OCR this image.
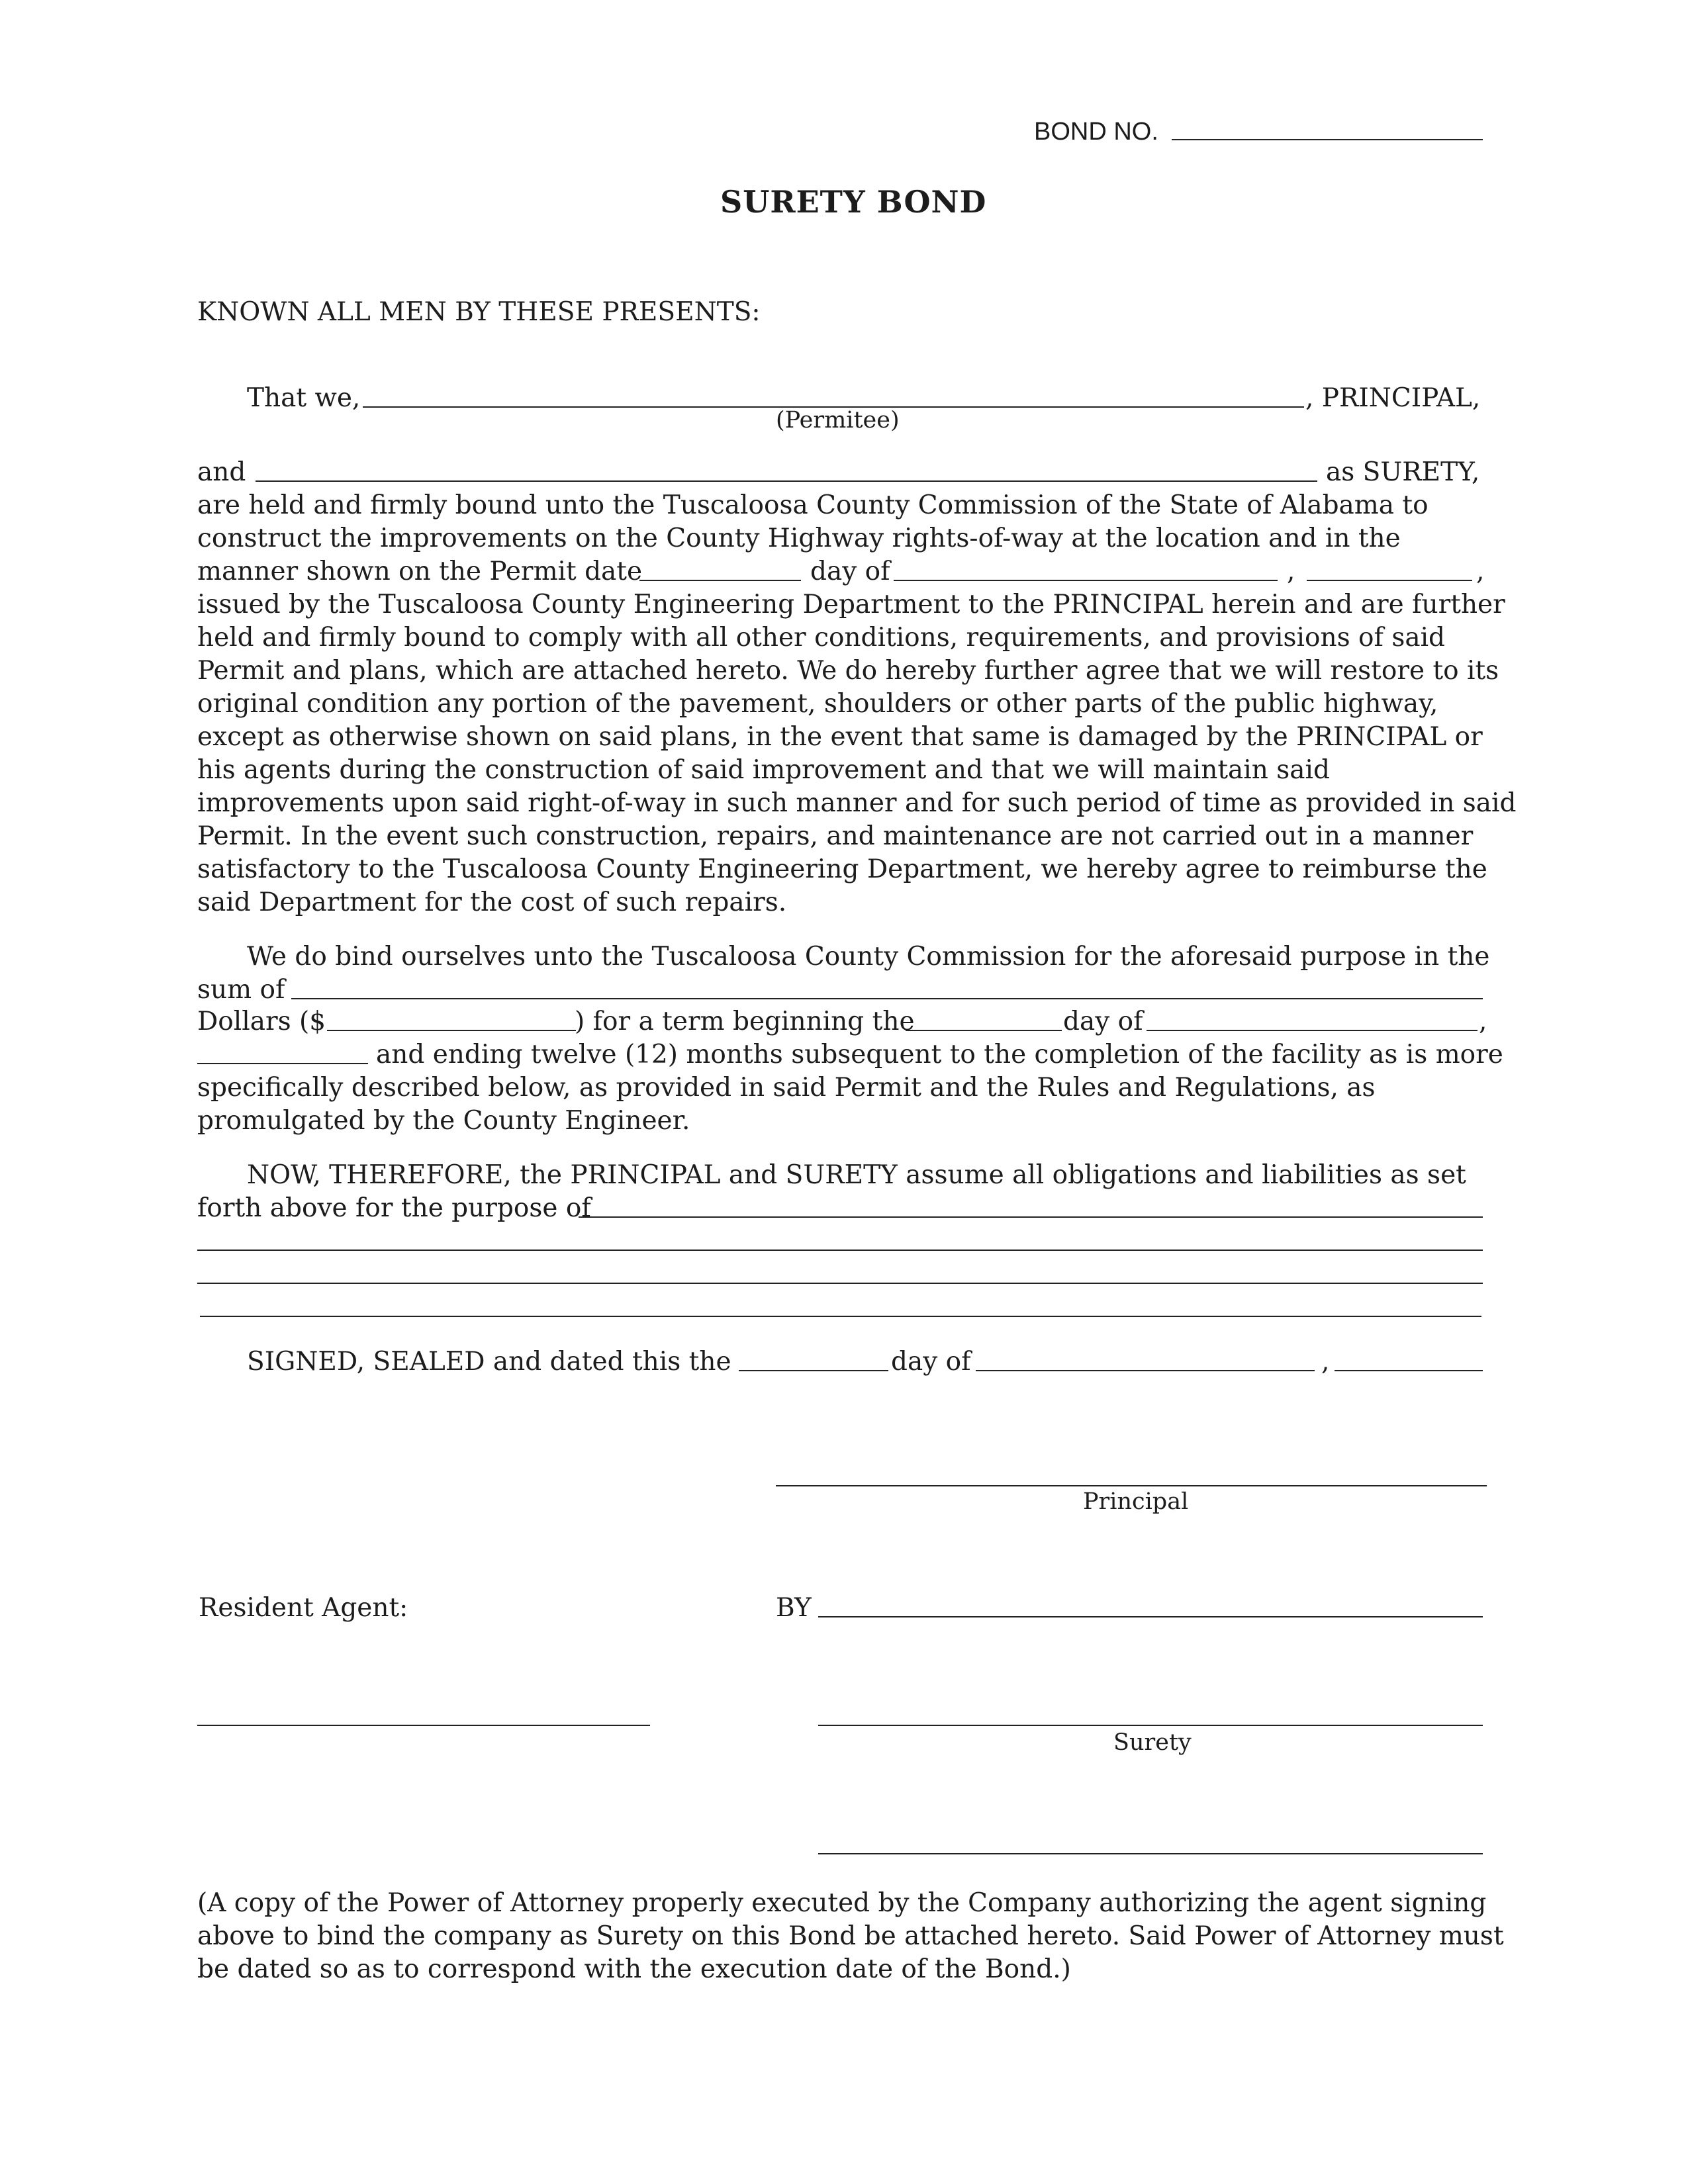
BOND NO.
SURETY BOND
KNOWN ALL MEN BY THESE PRESENTS:
That we,	, PRINCIPAL,
(Permitee)
and	as SURETY,
are held and firmly bound unto the Tuscaloosa County Commission of the State of Alabama to
construct the improvements on the County Highway rights-of-way at the location and in the
manner shown on the Permit date	day of	,	,
issued by the Tuscaloosa County Engineering Department to the PRINCIPAL herein and are further
held and firmly bound to comply with all other conditions, requirements, and provisions of said
Permit and plans, which are attached hereto. We do hereby further agree that we will restore to its
original condition any portion of the pavement, shoulders or other parts of the public highway,
except as otherwise shown on said plans, in the event that same is damaged by the PRINCIPAL or
his agents during the construction of said improvement and that we will maintain said
improvements upon said right-of-way in such manner and for such period of time as provided in said
Permit. In the event such construction, repairs, and maintenance are not carried out in a manner
satisfactory to the Tuscaloosa County Engineering Department, we hereby agree to reimburse the
said Department for the cost of such repairs.
We do bind ourselves unto the Tuscaloosa County Commission for the aforesaid purpose in the
sum of
Dollars ($	) for a term beginning the	day of	,
and ending twelve (12) months subsequent to the completion of the facility as is more
specifically described below, as provided in said Permit and the Rules and Regulations, as
promulgated by the County Engineer.
NOW, THEREFORE, the PRINCIPAL and SURETY assume all obligations and liabilities as set
forth above for the purpose of
SIGNED, SEALED and dated this the	day of	,
Principal
Resident Agent:	BY
Surety
(A copy of the Power of Attorney properly executed by the Company authorizing the agent signing
above to bind the company as Surety on this Bond be attached hereto. Said Power of Attorney must
be dated so as to correspond with the execution date of the Bond.)
